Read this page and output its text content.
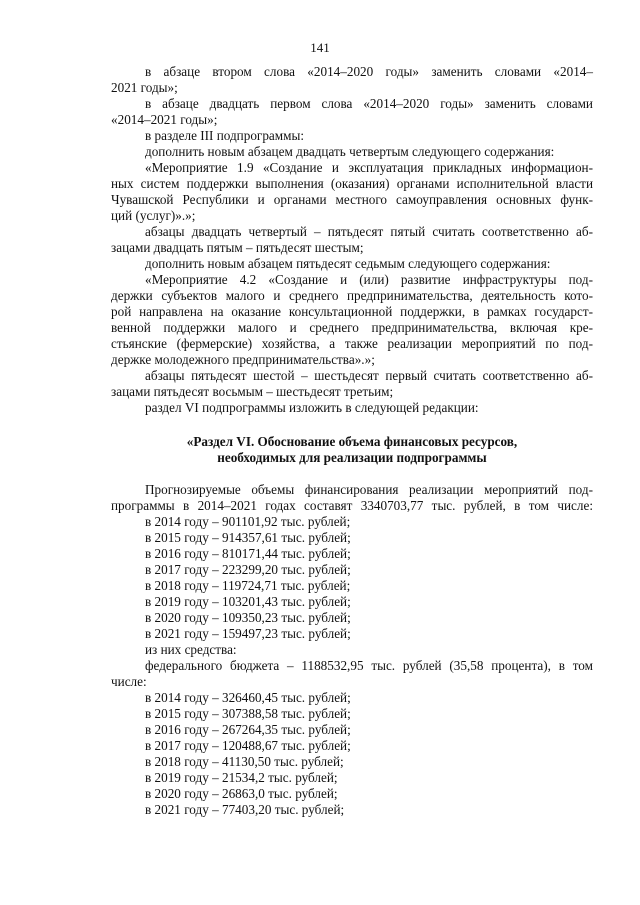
141
в абзаце втором слова «2014–2020 годы» заменить словами «2014–
2021 годы»;
в абзаце двадцать первом слова «2014–2020 годы» заменить словами
«2014–2021 годы»;
в разделе III подпрограммы:
дополнить новым абзацем двадцать четвертым следующего содержания:
«Мероприятие 1.9 «Создание и эксплуатация прикладных информацион-
ных систем поддержки выполнения (оказания) органами исполнительной власти
Чувашской Республики и органами местного самоуправления основных функ-
ций (услуг)».»;
абзацы двадцать четвертый – пятьдесят пятый считать соответственно аб-
зацами двадцать пятым – пятьдесят шестым;
дополнить новым абзацем пятьдесят седьмым следующего содержания:
«Мероприятие 4.2 «Создание и (или) развитие инфраструктуры под-
держки субъектов малого и среднего предпринимательства, деятельность кото-
рой направлена на оказание консультационной поддержки, в рамках государст-
венной поддержки малого и среднего предпринимательства, включая кре-
стьянские (фермерские) хозяйства, а также реализации мероприятий по под-
держке молодежного предпринимательства».»;
абзацы пятьдесят шестой – шестьдесят первый считать соответственно аб-
зацами пятьдесят восьмым – шестьдесят третьим;
раздел VI подпрограммы изложить в следующей редакции:
«Раздел VI. Обоснование объема финансовых ресурсов,
необходимых для реализации подпрограммы
Прогнозируемые объемы финансирования реализации мероприятий под-
программы в 2014–2021 годах составят 3340703,77 тыс. рублей, в том числе:
в 2014 году – 901101,92 тыс. рублей;
в 2015 году – 914357,61 тыс. рублей;
в 2016 году – 810171,44 тыс. рублей;
в 2017 году – 223299,20 тыс. рублей;
в 2018 году – 119724,71 тыс. рублей;
в 2019 году – 103201,43 тыс. рублей;
в 2020 году – 109350,23 тыс. рублей;
в 2021 году – 159497,23 тыс. рублей;
из них средства:
федерального бюджета – 1188532,95 тыс. рублей (35,58 процента), в том
числе:
в 2014 году – 326460,45 тыс. рублей;
в 2015 году – 307388,58 тыс. рублей;
в 2016 году – 267264,35 тыс. рублей;
в 2017 году – 120488,67 тыс. рублей;
в 2018 году – 41130,50 тыс. рублей;
в 2019 году – 21534,2 тыс. рублей;
в 2020 году – 26863,0 тыс. рублей;
в 2021 году – 77403,20 тыс. рублей;
